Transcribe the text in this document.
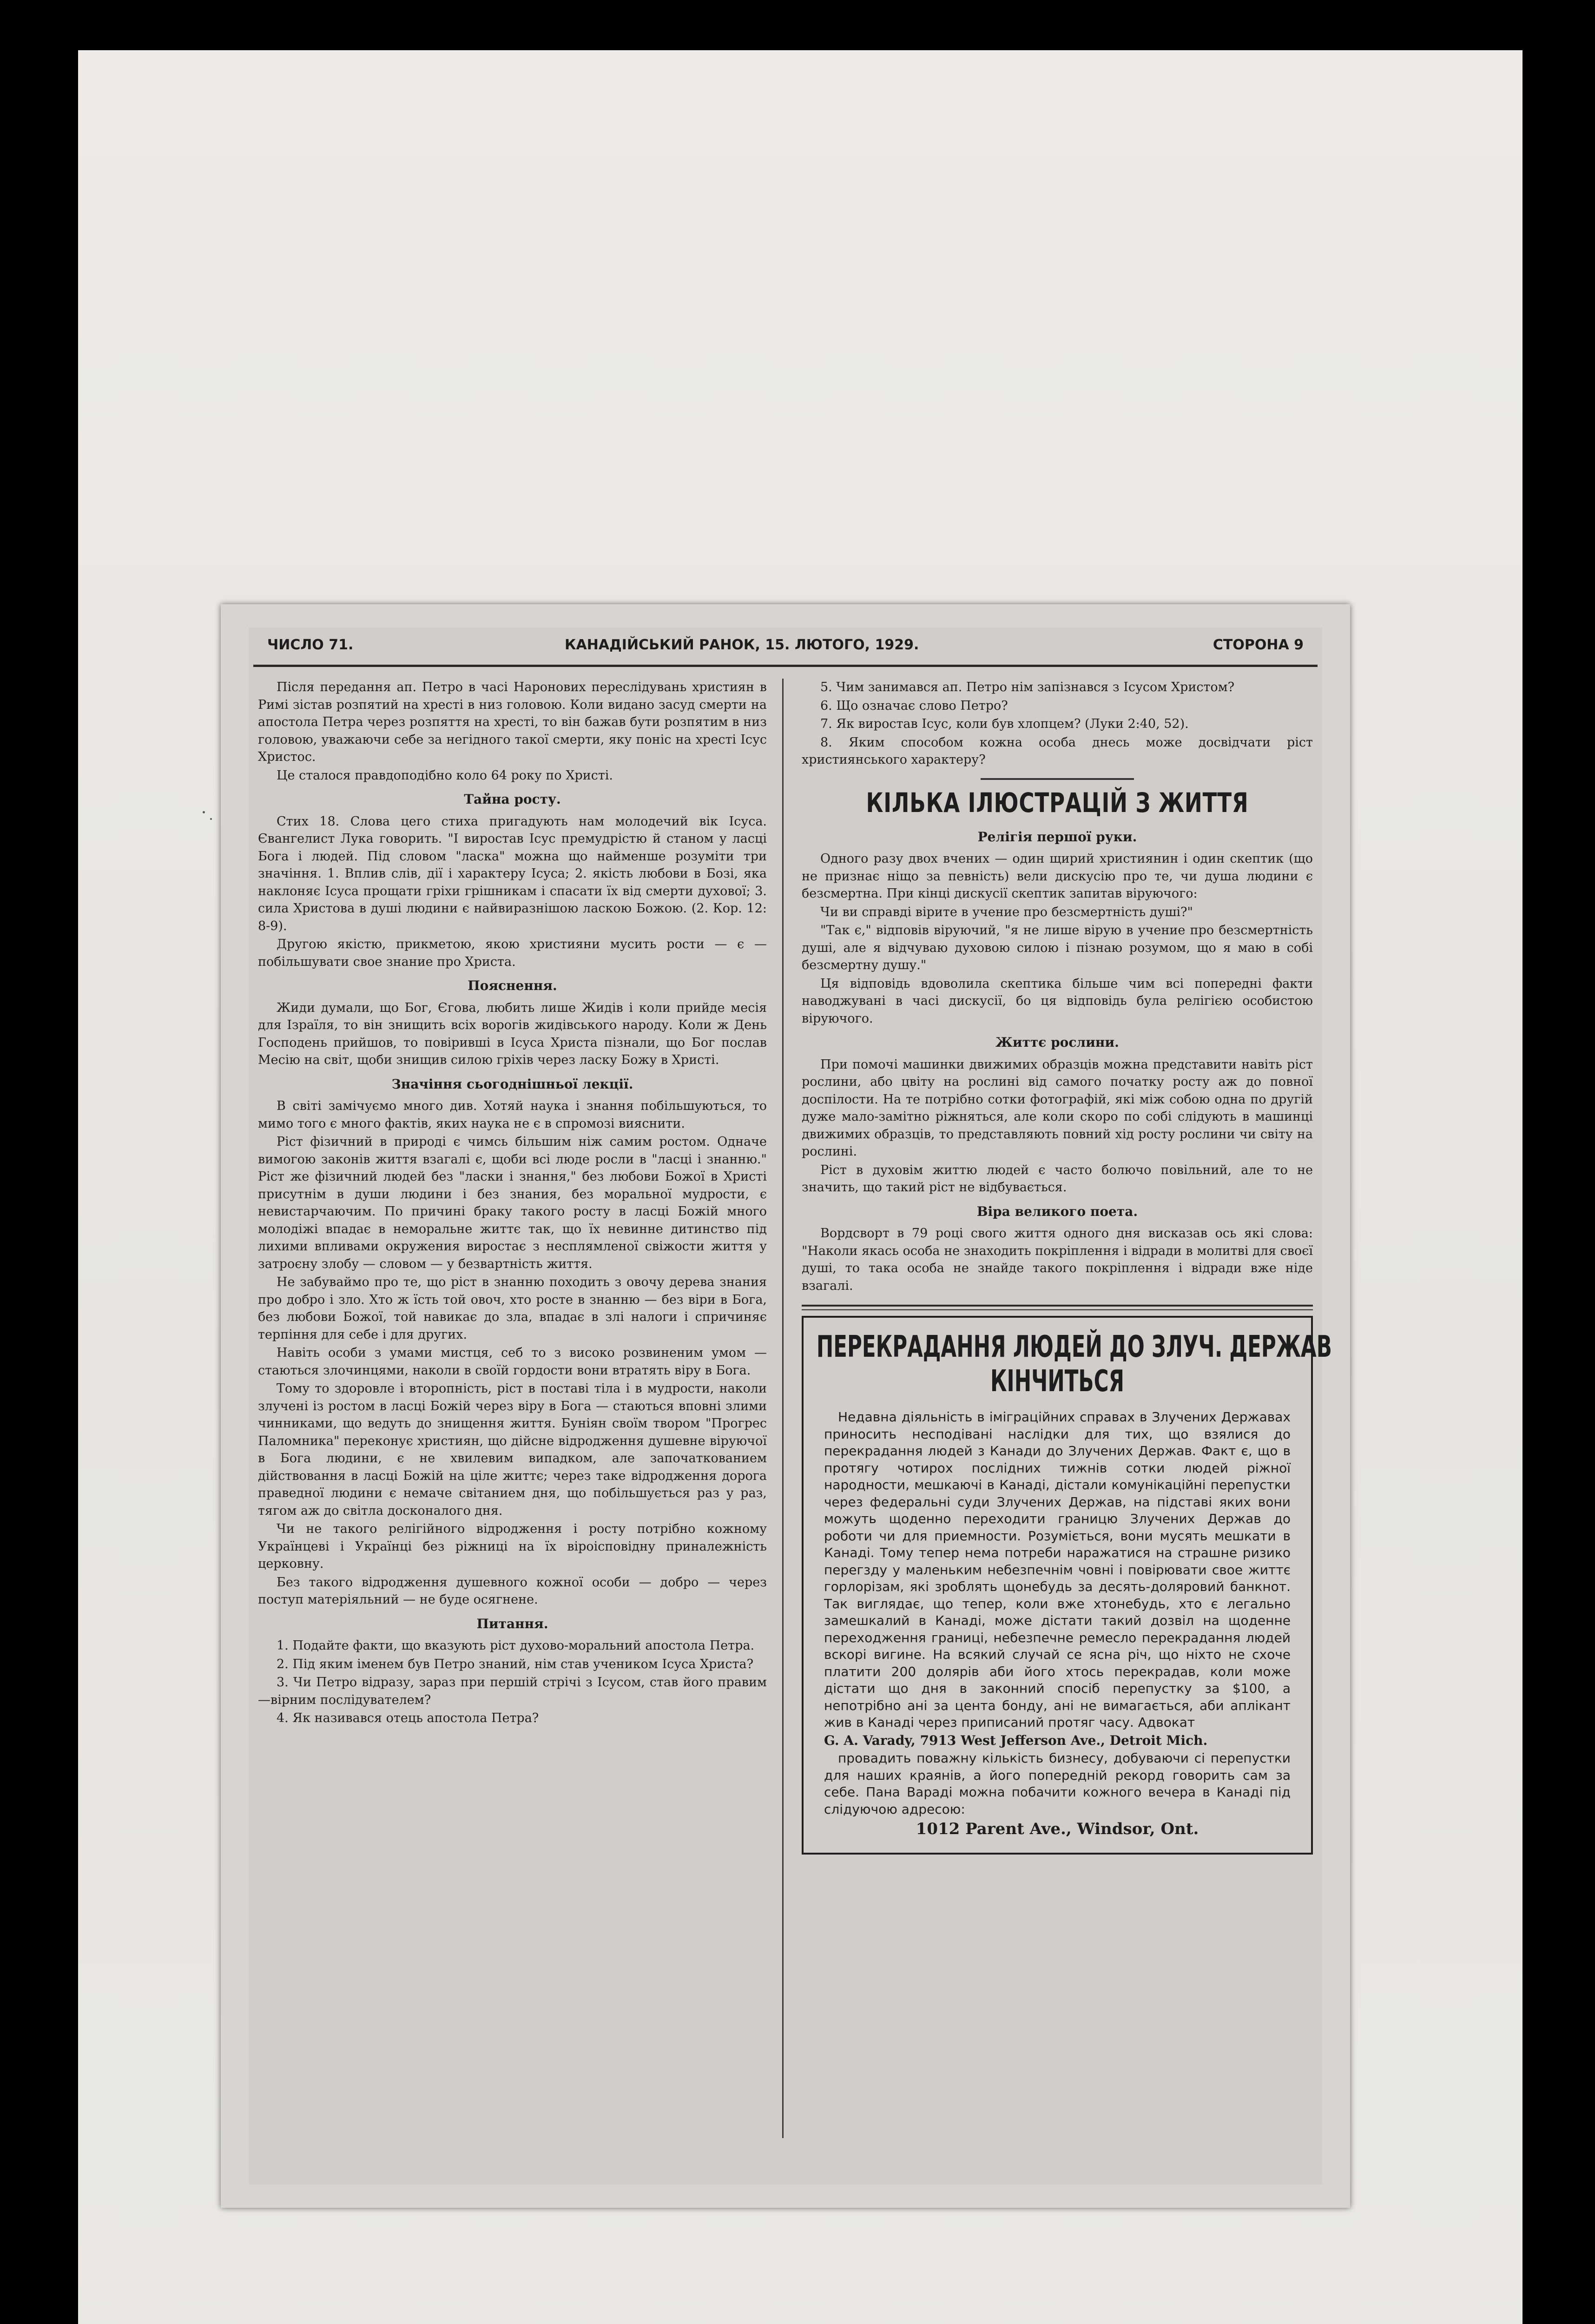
ЧИСЛО 71.	КАНАДІЙСЬКИЙ РАНОК, 15. ЛЮТОГО, 1929.	СТОРОНА 9

Після передання ап. Петро в часі Наронових переслідувань християн в Римі зістав розпятий на хресті в низ головою. Коли видано засуд смерти на апостола Петра через розпяття на хресті, то він бажав бути розпятим в низ головою, уважаючи себе за негідного такої смерти, яку поніс на хресті Ісус Христос.

Це сталося правдоподібно коло 64 року по Христі.

Тайна росту.

Стих 18. Слова цего стиха пригадують нам молодечий вік Ісуса. Євангелист Лука говорить. "І виростав Ісус премудрістю й станом у ласці Бога і людей. Під словом "ласка" можна що найменше розуміти три значіння. 1. Вплив слів, дії і характеру Ісуса; 2. якість любови в Бозі, яка наклоняє Ісуса прощати гріхи грішникам і спасати їх від смерти духової; 3. сила Христова в душі людини є найвиразнішою ласкою Божою. (2. Кор. 12: 8-9).

Другою якістю, прикметою, якою християни мусить рости — є — побільшувати свое знание про Христа.

Пояснення.

Жиди думали, що Бог, Єгова, любить лише Жидів і коли прийде месія для Ізраїля, то він знищить всіх ворогів жидівського народу. Коли ж День Господень прийшов, то повірившi в Ісуса Христа пізнали, що Бог послав Месію на світ, щоби знищив силою гріхів через ласку Божу в Христі.

Значіння сьогоднішньої лекції.

В світі замічуємо много див. Хотяй наука і знання побільшуються, то мимо того є много фактів, яких наука не є в спромозі вияснити.

Ріст фізичний в природі є чимсь більшим ніж самим ростом. Одначе вимогою законів життя взагалі є, щоби всі люде росли в "ласці і знанню." Ріст же фізичний людей без "ласки і знання," без любови Божої в Христі присутнім в души людини і без знания, без моральної мудрости, є невистарчаючим. По причині браку такого росту в ласці Божій много молодіжі впадає в неморальне життє так, що їх невинне дитинство під лихими впливами окружения виростає з несплямленої свіжости життя у затроєну злобу — словом — у безвартність життя.

Не забуваймо про те, що ріст в знанню походить з овочу дерева знания про добро і зло. Хто ж їсть той овоч, хто росте в знанню — без віри в Бога, без любови Божої, той навикає до зла, впадає в злі налоги і спричиняє терпіння для себе і для других.

Навіть особи з умами мистця, себ то з високо розвиненим умом — стаються злочинцями, наколи в своїй гордости вони втратять віру в Бога.

Тому то здоровле і второпність, ріст в поставі тіла і в мудрости, наколи злучені із ростом в ласці Божій через віру в Бога — стаються вповні злими чинниками, що ведуть до знищення життя. Буніян своїм твором "Прогрес Паломника" переконує християн, що дійсне відродження душевне віруючої в Бога людини, є не хвилевим випадком, але започаткованием дійствовання в ласці Божій на ціле життє; через таке відродження дорога праведної людини є немаче світанием дня, що побільшується раз у раз, тягом аж до світла досконалого дня.

Чи не такого релігійного відродження і росту потрібно кожному Українцеві і Українці без ріжниці на їх віроісповідну приналежність церковну.

Без такого відродження душевного кожної особи — добро — через поступ матеріяльний — не буде осягнене.

Питання.

1. Подайте факти, що вказують ріст духово-моральний апостола Петра.

2. Під яким іменем був Петро знаний, нім став учеником Ісуса Христа?

3. Чи Петро відразу, зараз при першій стрічі з Ісусом, став його правим—вірним послідувателем?

4. Як називався отець апостола Петра?

5. Чим занимався ап. Петро нім запізнався з Ісусом Христом?

6. Що означає слово Петро?

7. Як виростав Ісус, коли був хлопцем? (Луки 2:40, 52).

8. Яким способом кожна особа днесь може досвідчати ріст християнського характеру?

КІЛЬКА ІЛЮСТРАЦІЙ З ЖИТТЯ
Релігія першої руки.

Одного разу двох вчених — один щирий християнин і один скептик (що не признає ніщо за певність) вели дискусію про те, чи душа людини є безсмертна. При кінці дискусії скептик запитав віруючого:

Чи ви справді вірите в учение про безсмертність душі?"

"Так є," відповів віруючий, "я не лише вірую в учение про безсмертність душі, але я відчуваю духовою силою і пізнаю розумом, що я маю в собі безсмертну душу."

Ця відповідь вдоволила скептика більше чим всі попередні факти наводжувані в часі дискусії, бо ця відповідь була релігією особистою віруючого.

Життє рослини.

При помочі машинки движимих образців можна представити навіть ріст рослини, або цвіту на рослині від самого початку росту аж до повної доспілости. На те потрібно сотки фотографій, які між собою одна по другій дуже мало-замітно ріжняться, але коли скоро по собі слідують в машинці движимих образців, то представляють повний хід росту рослини чи світу на рослині.

Ріст в духовім життю людей є часто болючо повільний, але то не значить, що такий ріст не відбувається.

Віра великого поета.

Вордсворт в 79 році свого життя одного дня висказав ось які слова: "Наколи якась особа не знаходить покріплення і відради в молитві для своєї душі, то така особа не знайде такого покріплення і відради вже ніде взагалі.

ПЕРЕКРАДАННЯ ЛЮДЕЙ ДО ЗЛУЧ. ДЕРЖАВ
КІНЧИТЬСЯ

Недавна діяльність в іміграційних справах в Злучених Державах приносить несподівані наслідки для тих, що взялися до перекрадання людей з Канади до Злучених Держав. Факт є, що в протягу чотирох послідних тижнів сотки людей ріжної народности, мешкаючі в Канаді, дістали комунікаційні перепустки через федеральні суди Злучених Держав, на підставі яких вони можуть щоденно переходити границю Злучених Держав до роботи чи для приемности. Розуміється, вони мусять мешкати в Канаді. Тому тепер нема потреби наражатися на страшне ризико перегзду у маленьким небезпечнім човні і повірювати свое життє горлорізам, які зроблять щонебудь за десять-доляровий банкнот. Так виглядає, що тепер, коли вже хтонебудь, хто є легально замешкалий в Канаді, може дістати такий дозвіл на щоденне переходження границі, небезпечне ремесло перекрадання людей вскорі вигине. На всякий случай се ясна річ, що ніхто не схоче платити 200 долярів аби його хтось перекрадав, коли може дістати що дня в законний спосіб перепустку за $100, а непотрібно ані за цента бонду, ані не вимагається, аби аплікант жив в Канаді через приписаний протяг часу. Адвокат

G. A. Varady, 7913 West Jefferson Ave., Detroit Mich.

провадить поважну кількість бизнесу, добуваючи сі перепустки для наших краянів, а його попередній рекорд говорить сам за себе. Пана Варадi можна побачити кожного вечера в Канаді під слідуючою адресою:

1012 Parent Ave., Windsor, Ont.
